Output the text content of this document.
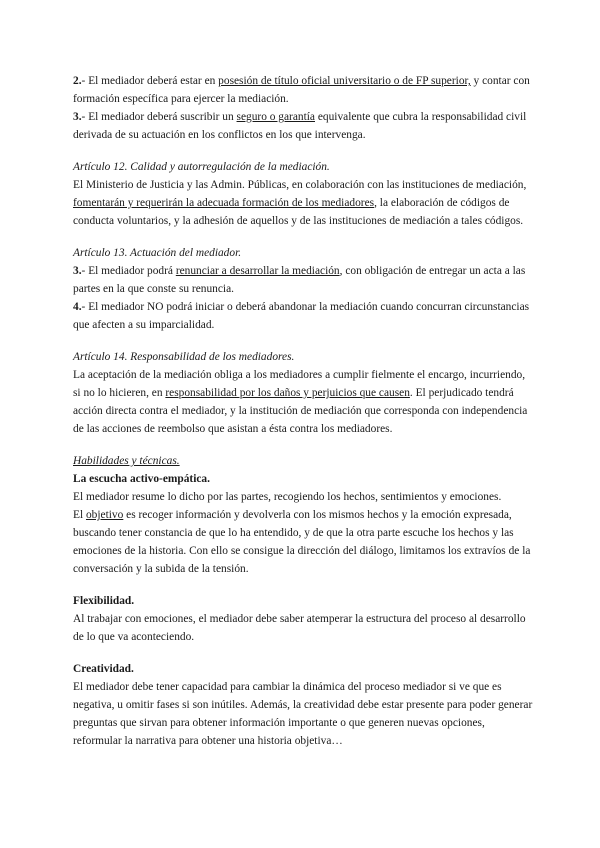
2.- El mediador deberá estar en posesión de título oficial universitario o de FP superior, y contar con formación específica para ejercer la mediación.

3.- El mediador deberá suscribir un seguro o garantía equivalente que cubra la responsabilidad civil derivada de su actuación en los conflictos en los que intervenga.

Artículo 12. Calidad y autorregulación de la mediación.

El Ministerio de Justicia y las Admin. Públicas, en colaboración con las instituciones de mediación, fomentarán y requerirán la adecuada formación de los mediadores, la elaboración de códigos de conducta voluntarios, y la adhesión de aquellos y de las instituciones de mediación a tales códigos.

Artículo 13. Actuación del mediador.

3.- El mediador podrá renunciar a desarrollar la mediación, con obligación de entregar un acta a las partes en la que conste su renuncia.

4.- El mediador NO podrá iniciar o deberá abandonar la mediación cuando concurran circunstancias que afecten a su imparcialidad.

Artículo 14. Responsabilidad de los mediadores.

La aceptación de la mediación obliga a los mediadores a cumplir fielmente el encargo, incurriendo, si no lo hicieren, en responsabilidad por los daños y perjuicios que causen. El perjudicado tendrá acción directa contra el mediador, y la institución de mediación que corresponda con independencia de las acciones de reembolso que asistan a ésta contra los mediadores.

Habilidades y técnicas.

La escucha activo-empática.

El mediador resume lo dicho por las partes, recogiendo los hechos, sentimientos y emociones.

El objetivo es recoger información y devolverla con los mismos hechos y la emoción expresada, buscando tener constancia de que lo ha entendido, y de que la otra parte escuche los hechos y las emociones de la historia. Con ello se consigue la dirección del diálogo, limitamos los extravíos de la conversación y la subida de la tensión.

Flexibilidad.

Al trabajar con emociones, el mediador debe saber atemperar la estructura del proceso al desarrollo de lo que va aconteciendo.

Creatividad.

El mediador debe tener capacidad para cambiar la dinámica del proceso mediador si ve que es negativa, u omitir fases si son inútiles. Además, la creatividad debe estar presente para poder generar preguntas que sirvan para obtener información importante o que generen nuevas opciones, reformular la narrativa para obtener una historia objetiva…
